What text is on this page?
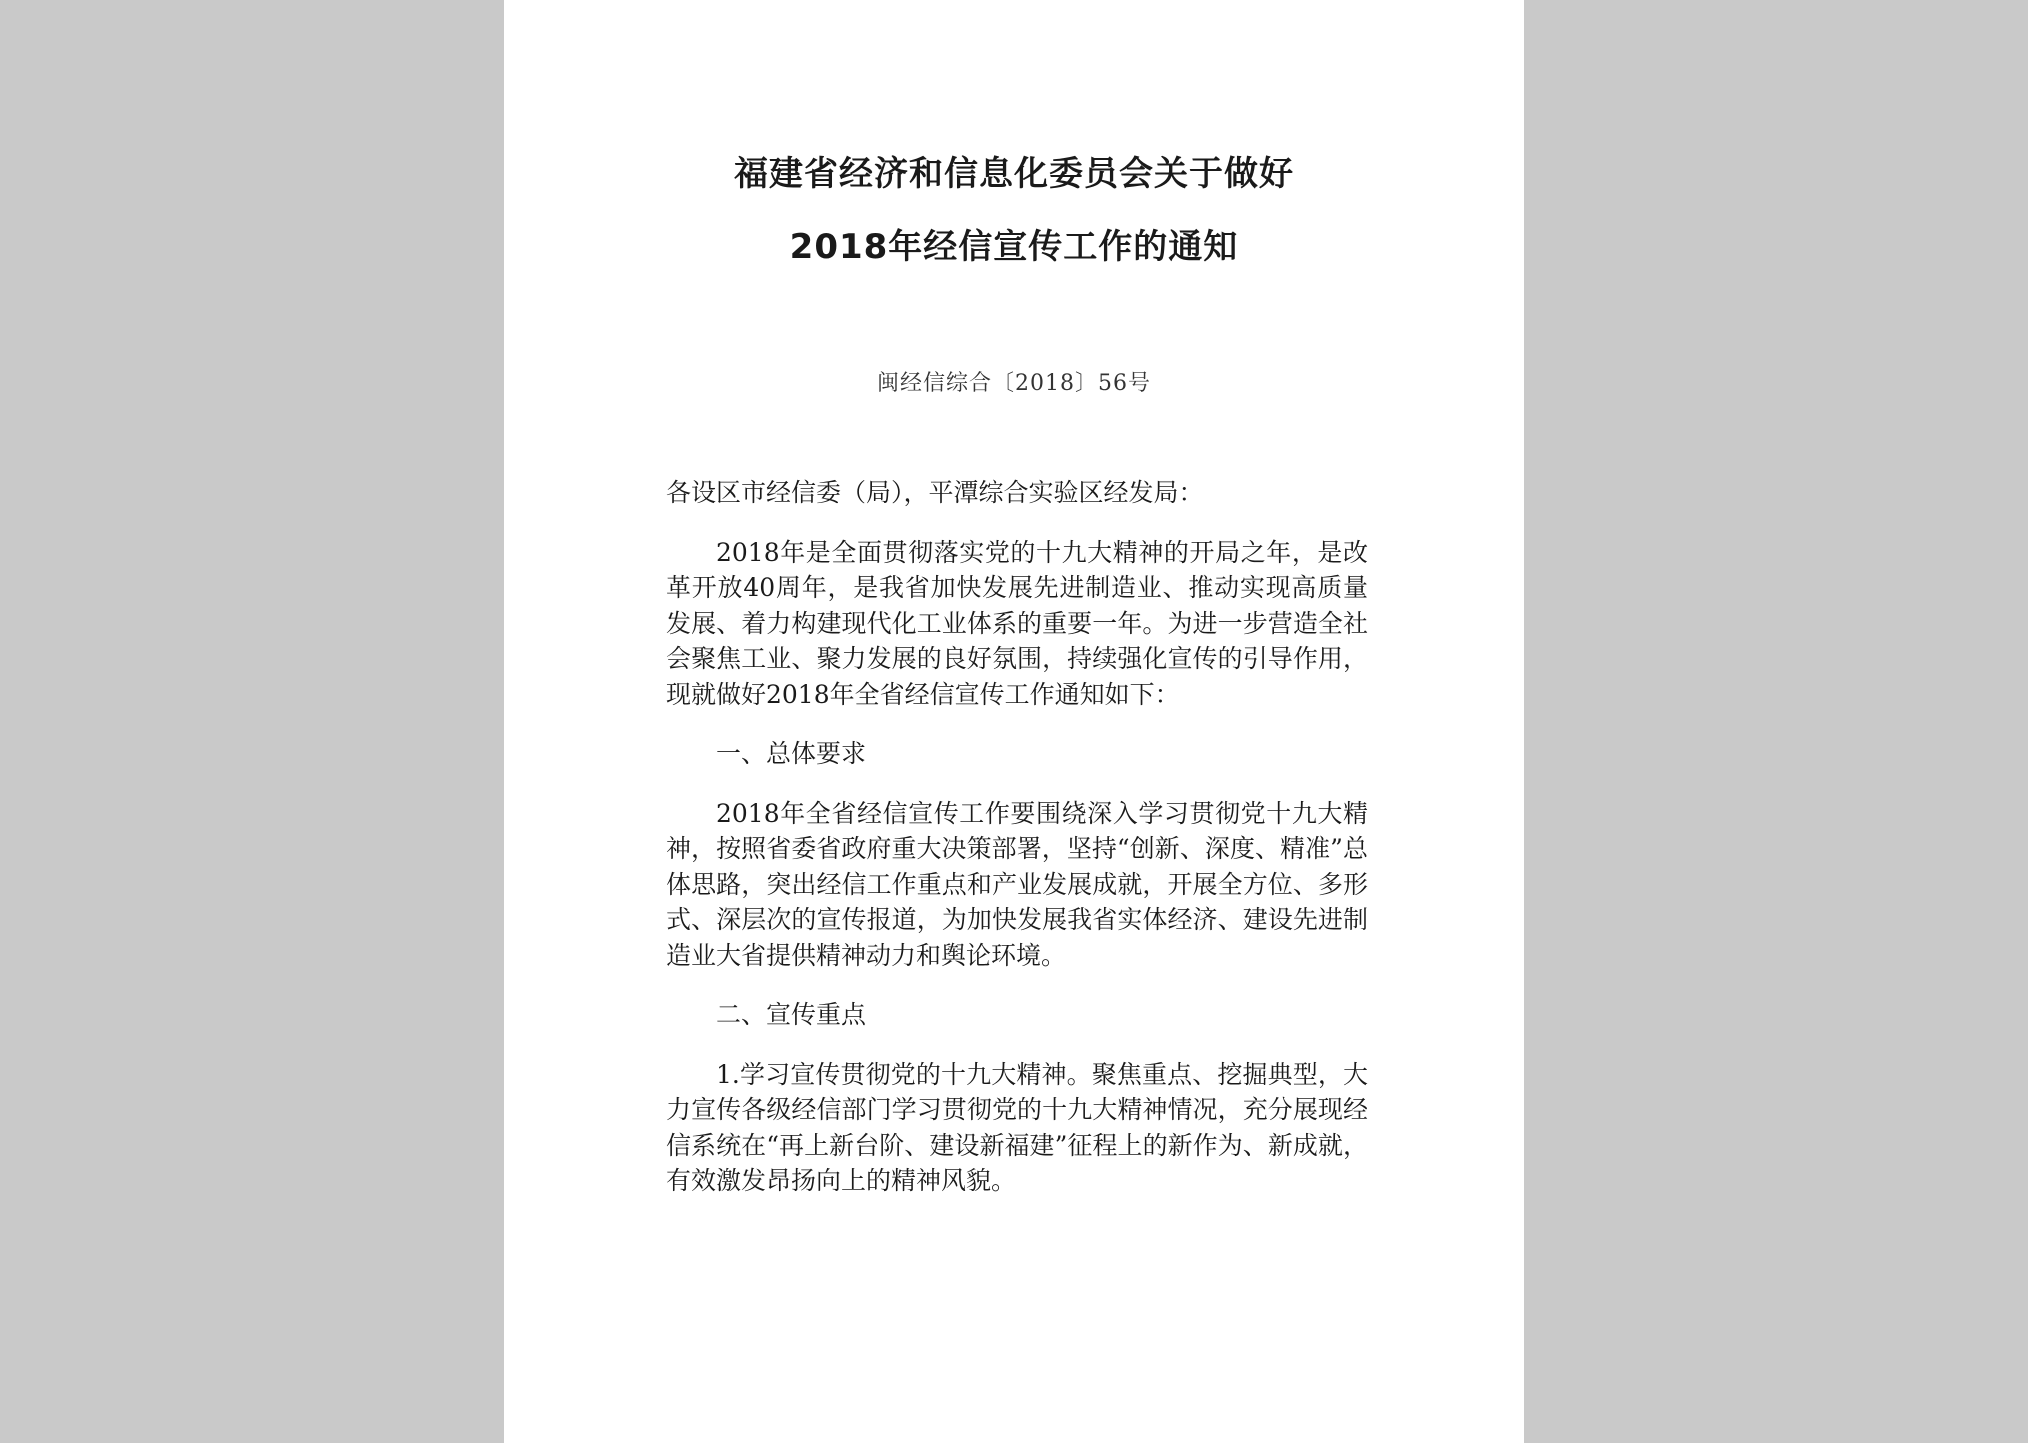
福建省经济和信息化委员会关于做好
2018年经信宣传工作的通知
闽经信综合〔2018〕56号

各设区市经信委（局），平潭综合实验区经发局：

2018年是全面贯彻落实党的十九大精神的开局之年，是改革开放40周年，是我省加快发展先进制造业、推动实现高质量发展、着力构建现代化工业体系的重要一年。为进一步营造全社会聚焦工业、聚力发展的良好氛围，持续强化宣传的引导作用，现就做好2018年全省经信宣传工作通知如下：

一、总体要求

2018年全省经信宣传工作要围绕深入学习贯彻党十九大精神，按照省委省政府重大决策部署，坚持“创新、深度、精准”总体思路，突出经信工作重点和产业发展成就，开展全方位、多形式、深层次的宣传报道，为加快发展我省实体经济、建设先进制造业大省提供精神动力和舆论环境。

二、宣传重点

1.学习宣传贯彻党的十九大精神。聚焦重点、挖掘典型，大力宣传各级经信部门学习贯彻党的十九大精神情况，充分展现经信系统在“再上新台阶、建设新福建”征程上的新作为、新成就，有效激发昂扬向上的精神风貌。
